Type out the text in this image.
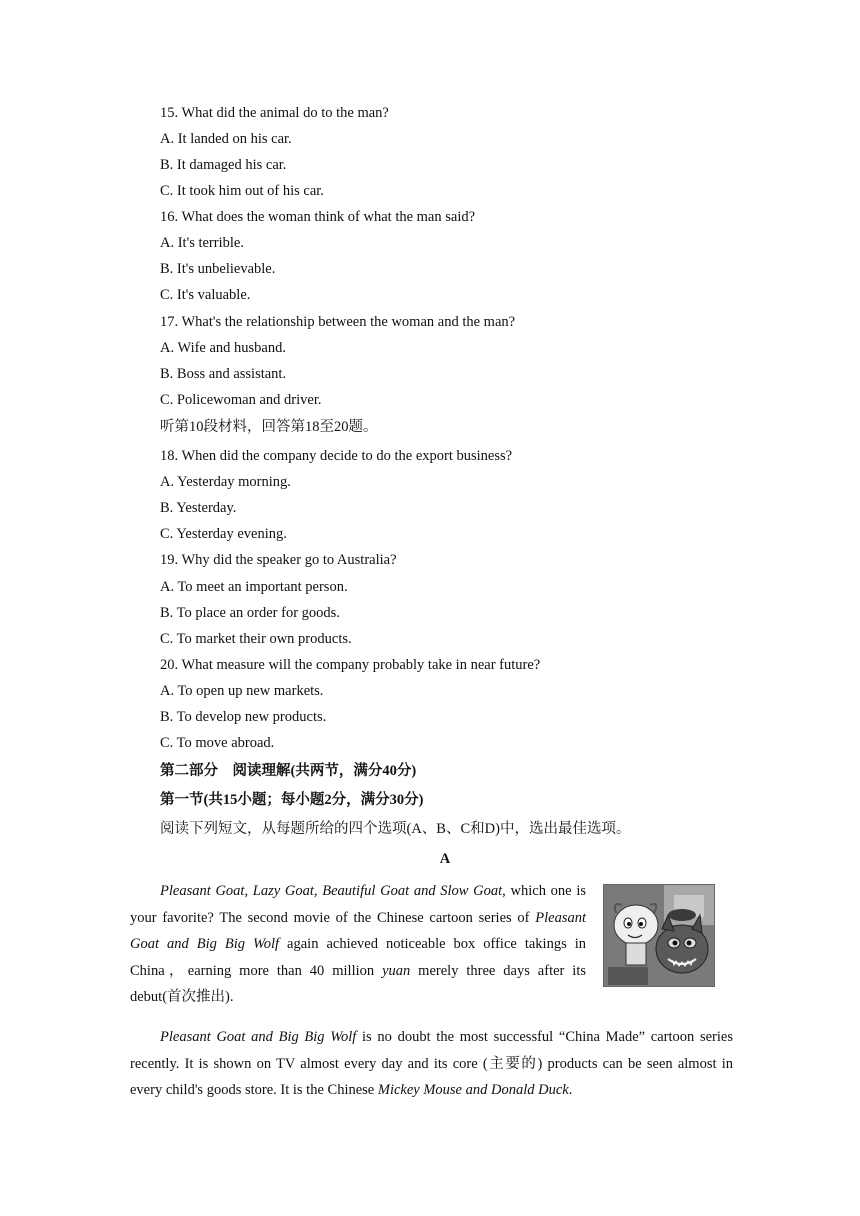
15. What did the animal do to the man?
A. It landed on his car.
B. It damaged his car.
C. It took him out of his car.
16. What does the woman think of what the man said?
A. It's terrible.
B. It's unbelievable.
C. It's valuable.
17. What's the relationship between the woman and the man?
A. Wife and husband.
B. Boss and assistant.
C. Policewoman and driver.
听第10段材料，回答第18至20题。
18. When did the company decide to do the export business?
A. Yesterday morning.
B. Yesterday.
C. Yesterday evening.
19. Why did the speaker go to Australia?
A. To meet an important person.
B. To place an order for goods.
C. To market their own products.
20. What measure will the company probably take in near future?
A. To open up new markets.
B. To develop new products.
C. To move abroad.
第二部分　阅读理解(共两节，满分40分)
第一节(共15小题；每小题2分，满分30分)
阅读下列短文，从每题所给的四个选项(A、B、C和D)中，选出最佳选项。
A
Pleasant Goat, Lazy Goat, Beautiful Goat and Slow Goat, which one is your favorite? The second movie of the Chinese cartoon series of Pleasant Goat and Big Big Wolf again achieved noticeable box office takings in China，earning more than 40 million yuan merely three days after its debut(首次推出).
Pleasant Goat and Big Big Wolf is no doubt the most successful “China Made” cartoon series recently. It is shown on TV almost every day and its core (主要的) products can be seen almost in every child's goods store. It is the Chinese Mickey Mouse and Donald Duck.
